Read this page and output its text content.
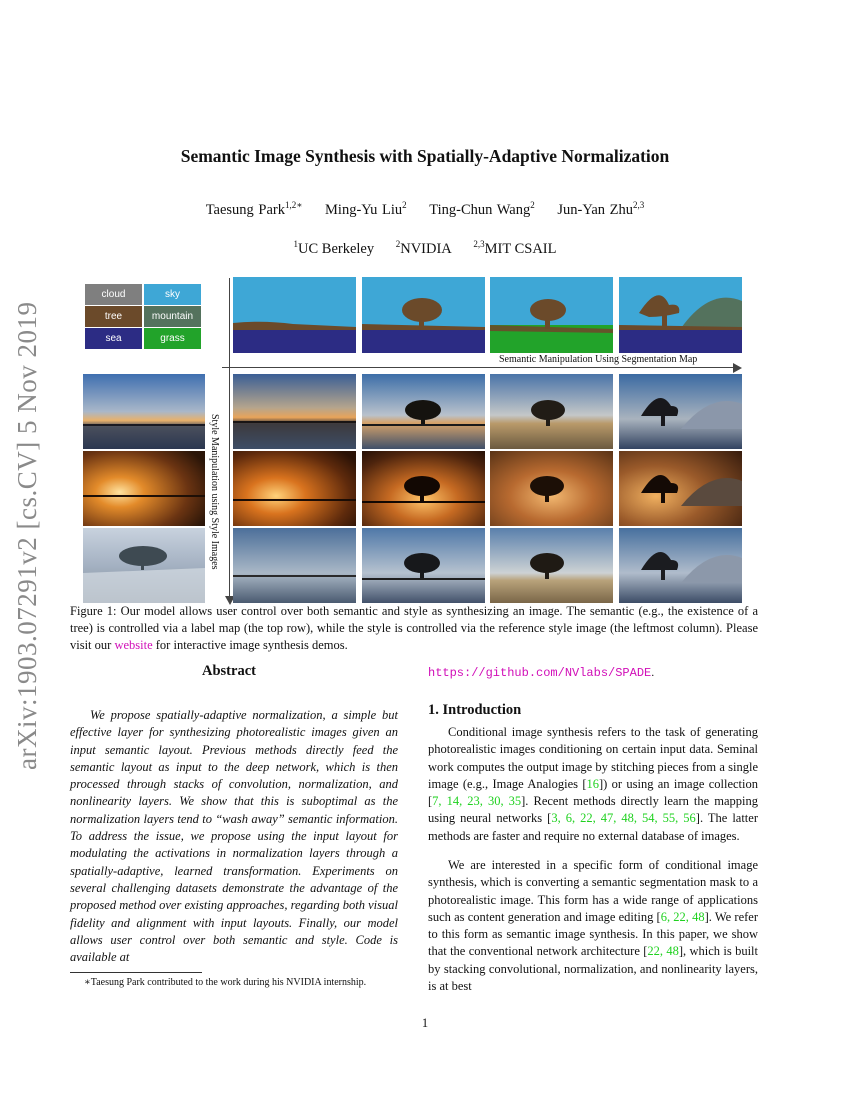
arXiv:1903.07291v2 [cs.CV] 5 Nov 2019
Semantic Image Synthesis with Spatially-Adaptive Normalization
Taesung Park$^{1,2∗}$ Ming-Yu Liu$^2$ Ting-Chun Wang$^2$ Jun-Yan Zhu$^{2,3}$
$^1$UC Berkeley $^2$NVIDIA $^{2,3}$MIT CSAIL
cloud	sky
tree	mountain
sea	grass
Semantic Manipulation Using Segmentation Map
Style Manipulation using Style Images
Figure 1: Our model allows user control over both semantic and style as synthesizing an image. The semantic (e.g., the existence of a tree) is controlled via a label map (the top row), while the style is controlled via the reference style image (the leftmost column). Please visit our website for interactive image synthesis demos.
Abstract
We propose spatially-adaptive normalization, a simple but effective layer for synthesizing photorealistic images given an input semantic layout. Previous methods directly feed the semantic layout as input to the deep network, which is then processed through stacks of convolution, normalization, and nonlinearity layers. We show that this is suboptimal as the normalization layers tend to “wash away” semantic information. To address the issue, we propose using the input layout for modulating the activations in normalization layers through a spatially-adaptive, learned transformation. Experiments on several challenging datasets demonstrate the advantage of the proposed method over existing approaches, regarding both visual fidelity and alignment with input layouts. Finally, our model allows user control over both semantic and style. Code is available at
https://github.com/NVlabs/SPADE.
1. Introduction
Conditional image synthesis refers to the task of generating photorealistic images conditioning on certain input data. Seminal work computes the output image by stitching pieces from a single image (e.g., Image Analogies [16]) or using an image collection [7, 14, 23, 30, 35]. Recent methods directly learn the mapping using neural networks [3, 6, 22, 47, 48, 54, 55, 56]. The latter methods are faster and require no external database of images.
We are interested in a specific form of conditional image synthesis, which is converting a semantic segmentation mask to a photorealistic image. This form has a wide range of applications such as content generation and image editing [6, 22, 48]. We refer to this form as semantic image synthesis. In this paper, we show that the conventional network architecture [22, 48], which is built by stacking convolutional, normalization, and nonlinearity layers, is at best
∗Taesung Park contributed to the work during his NVIDIA internship.
1
